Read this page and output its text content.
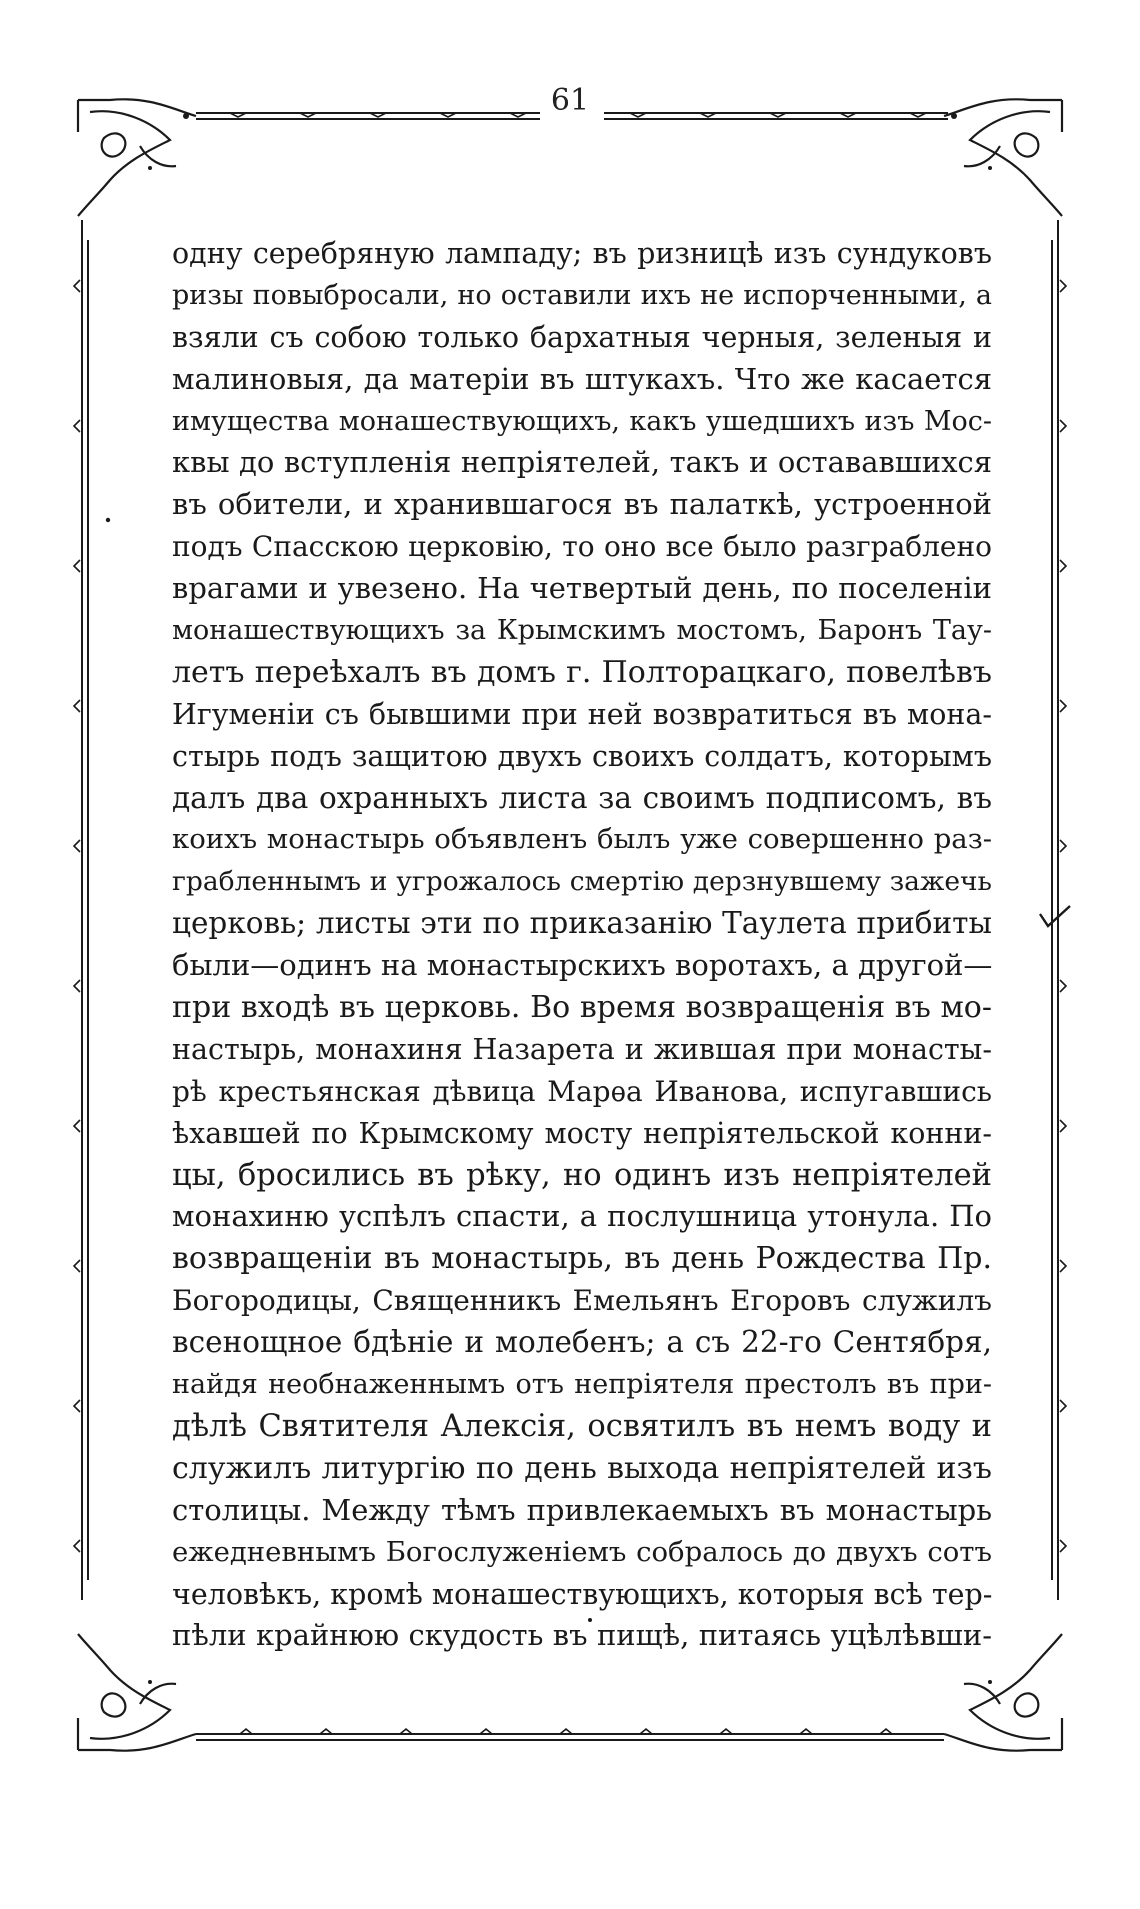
61
одну серебряную лампаду; въ ризницѣ изъ сундуковъ
ризы повыбросали, но оставили ихъ не испорченными, а
взяли съ собою только бархатныя черныя, зеленыя и
малиновыя, да матеріи въ штукахъ. Что же касается
имущества монашествующихъ, какъ ушедшихъ изъ Мос-
квы до вступленія непріятелей, такъ и остававшихся
въ обители, и хранившагося въ палаткѣ, устроенной
подъ Спасскою церковію, то оно все было разграблено
врагами и увезено. На четвертый день, по поселеніи
монашествующихъ за Крымскимъ мостомъ, Баронъ Тау-
летъ переѣхалъ въ домъ г. Полторацкаго, повелѣвъ
Игуменіи съ бывшими при ней возвратиться въ мона-
стырь подъ защитою двухъ своихъ солдатъ, которымъ
далъ два охранныхъ листа за своимъ подписомъ, въ
коихъ монастырь объявленъ былъ уже совершенно раз-
грабленнымъ и угрожалось смертію дерзнувшему зажечь
церковь; листы эти по приказанію Таулета прибиты
были—одинъ на монастырскихъ воротахъ, а другой—
при входѣ въ церковь. Во время возвращенія въ мо-
настырь, монахиня Назарета и жившая при монасты-
рѣ крестьянская дѣвица Марѳа Иванова, испугавшись
ѣхавшей по Крымскому мосту непріятельской конни-
цы, бросились въ рѣку, но одинъ изъ непріятелей
монахиню успѣлъ спасти, а послушница утонула. По
возвращеніи въ монастырь, въ день Рождества Пр.
Богородицы, Священникъ Емельянъ Егоровъ служилъ
всенощное бдѣніе и молебенъ; а съ 22-го Сентября,
найдя необнаженнымъ отъ непріятеля престолъ въ при-
дѣлѣ Святителя Алексія, освятилъ въ немъ воду и
служилъ литургію по день выхода непріятелей изъ
столицы. Между тѣмъ привлекаемыхъ въ монастырь
ежедневнымъ Богослуженіемъ собралось до двухъ сотъ
человѣкъ, кромѣ монашествующихъ, которыя всѣ тер-
пѣли крайнюю скудость въ пищѣ, питаясь уцѣлѣвши-
